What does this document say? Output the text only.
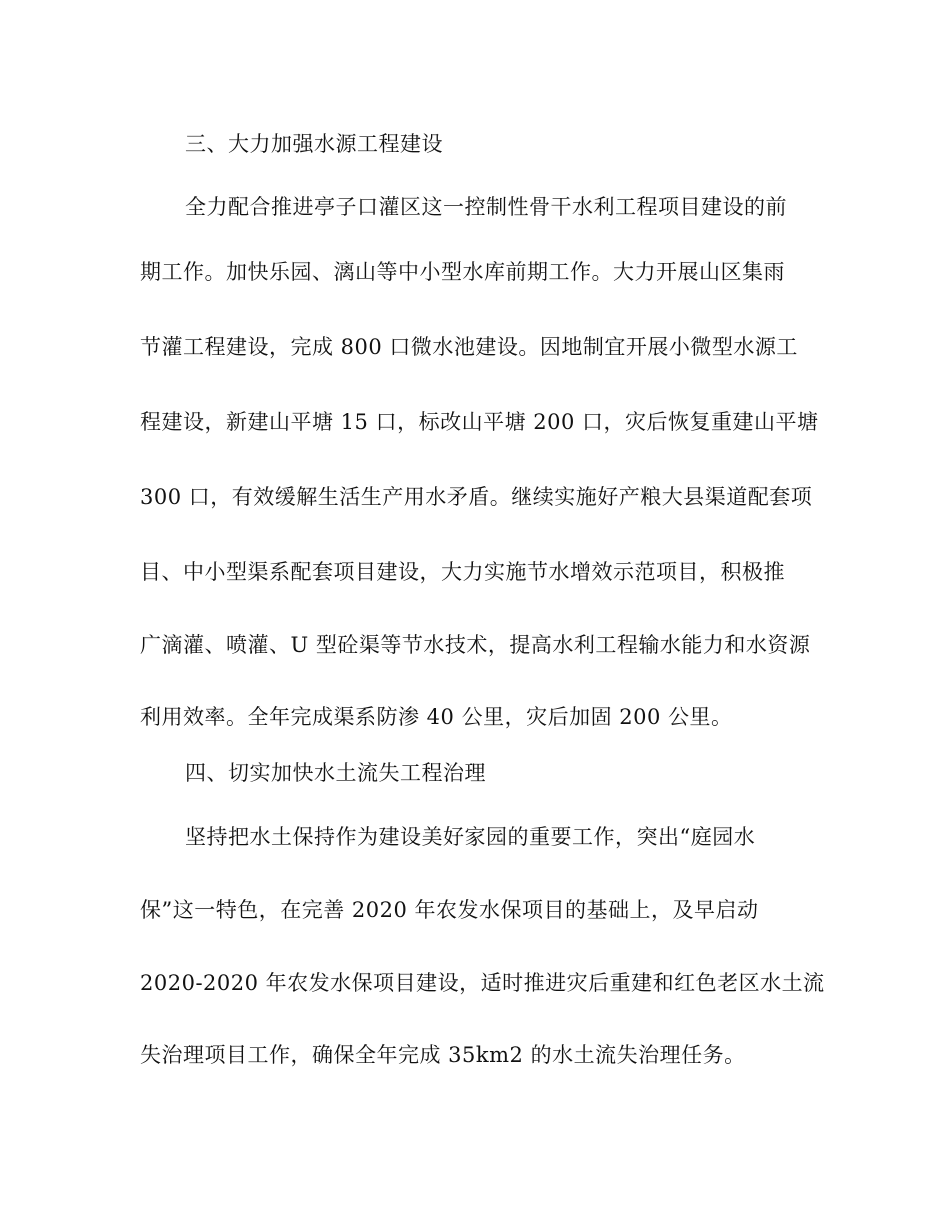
三、大力加强水源工程建设
全力配合推进亭子口灌区这一控制性骨干水利工程项目建设的前
期工作。加快乐园、漓山等中小型水库前期工作。大力开展山区集雨
节灌工程建设，完成 800 口微水池建设。因地制宜开展小微型水源工
程建设，新建山平塘 15 口，标改山平塘 200 口，灾后恢复重建山平塘
300 口，有效缓解生活生产用水矛盾。继续实施好产粮大县渠道配套项
目、中小型渠系配套项目建设，大力实施节水增效示范项目，积极推
广滴灌、喷灌、U 型砼渠等节水技术，提高水利工程输水能力和水资源
利用效率。全年完成渠系防渗 40 公里，灾后加固 200 公里。
四、切实加快水土流失工程治理
坚持把水土保持作为建设美好家园的重要工作，突出“庭园水
保”这一特色，在完善 2020 年农发水保项目的基础上，及早启动
2020-2020 年农发水保项目建设，适时推进灾后重建和红色老区水土流
失治理项目工作，确保全年完成 35km2 的水土流失治理任务。
